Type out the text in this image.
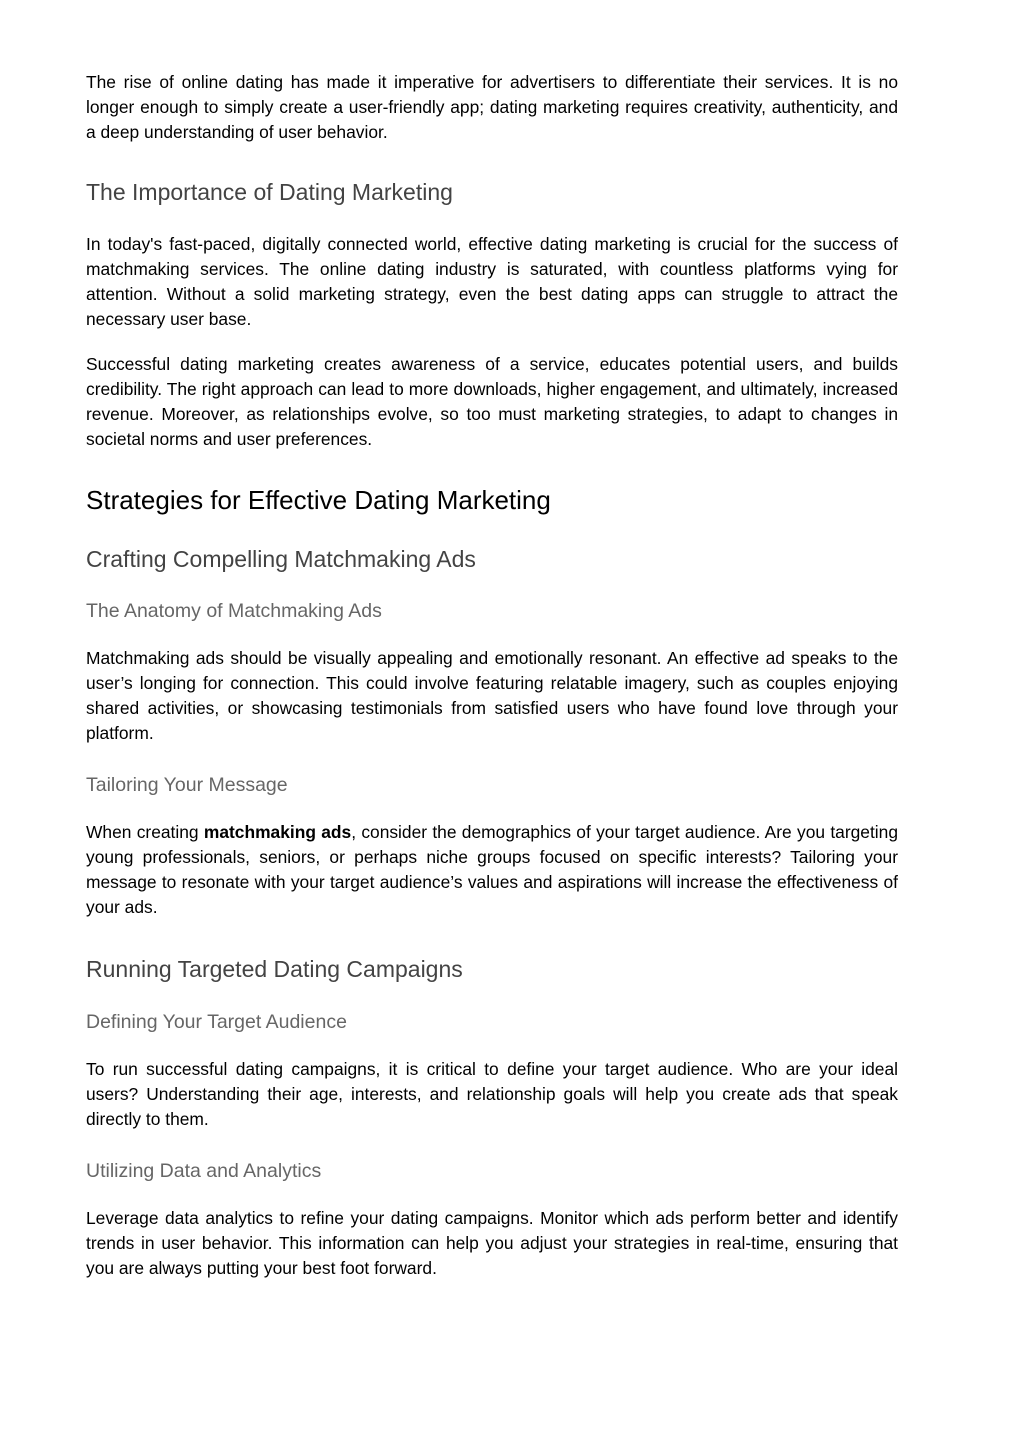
The rise of online dating has made it imperative for advertisers to differentiate their services. It is no longer enough to simply create a user-friendly app; dating marketing requires creativity, authenticity, and a deep understanding of user behavior.

The Importance of Dating Marketing

In today's fast-paced, digitally connected world, effective dating marketing is crucial for the success of matchmaking services. The online dating industry is saturated, with countless platforms vying for attention. Without a solid marketing strategy, even the best dating apps can struggle to attract the necessary user base.

Successful dating marketing creates awareness of a service, educates potential users, and builds credibility. The right approach can lead to more downloads, higher engagement, and ultimately, increased revenue. Moreover, as relationships evolve, so too must marketing strategies, to adapt to changes in societal norms and user preferences.

Strategies for Effective Dating Marketing
Crafting Compelling Matchmaking Ads
The Anatomy of Matchmaking Ads

Matchmaking ads should be visually appealing and emotionally resonant. An effective ad speaks to the user’s longing for connection. This could involve featuring relatable imagery, such as couples enjoying shared activities, or showcasing testimonials from satisfied users who have found love through your platform.

Tailoring Your Message

When creating matchmaking ads, consider the demographics of your target audience. Are you targeting young professionals, seniors, or perhaps niche groups focused on specific interests? Tailoring your message to resonate with your target audience’s values and aspirations will increase the effectiveness of your ads.

Running Targeted Dating Campaigns
Defining Your Target Audience

To run successful dating campaigns, it is critical to define your target audience. Who are your ideal users? Understanding their age, interests, and relationship goals will help you create ads that speak directly to them.

Utilizing Data and Analytics

Leverage data analytics to refine your dating campaigns. Monitor which ads perform better and identify trends in user behavior. This information can help you adjust your strategies in real-time, ensuring that you are always putting your best foot forward.
